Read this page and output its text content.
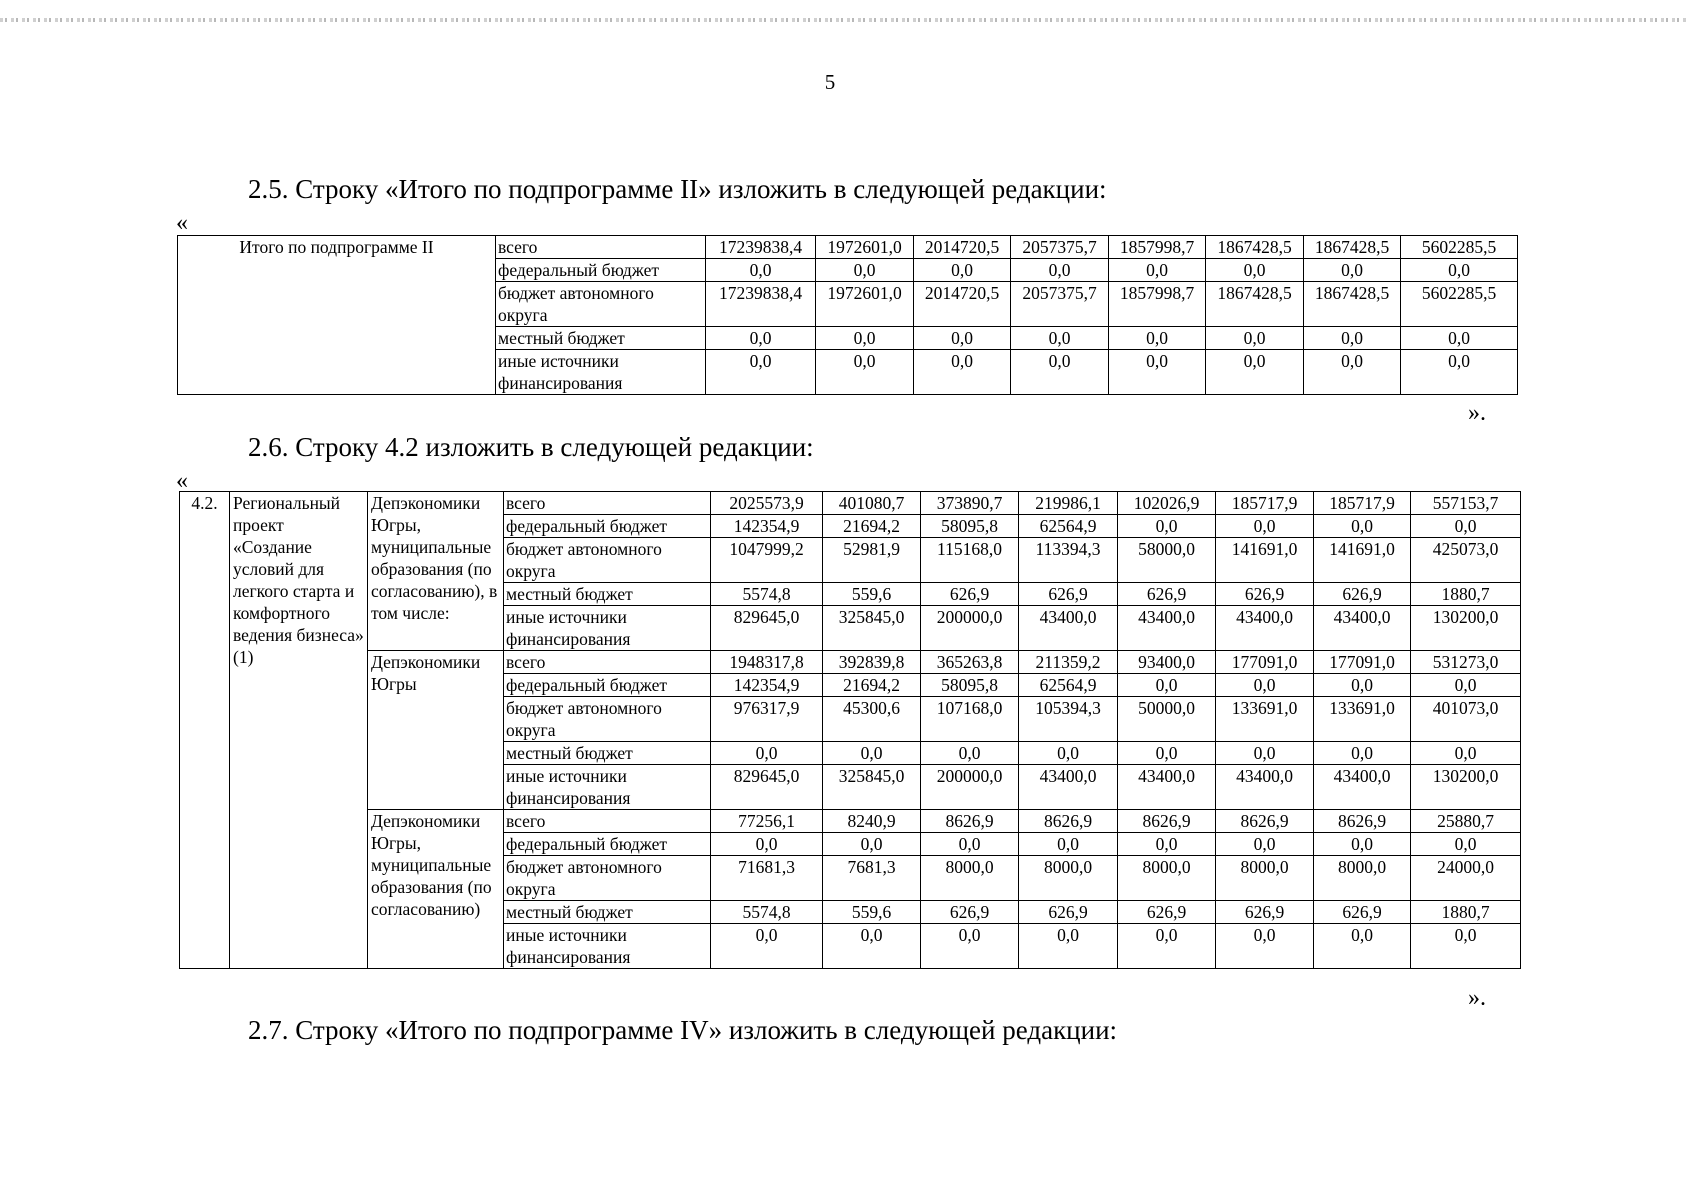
5
2.5. Строку «Итого по подпрограмме II» изложить в следующей редакции:
«
Итого по подпрограмме II	всего	17239838,4	1972601,0	2014720,5	2057375,7	1857998,7	1867428,5	1867428,5	5602285,5
	федеральный бюджет	0,0	0,0	0,0	0,0	0,0	0,0	0,0	0,0
	бюджет автономного округа	17239838,4	1972601,0	2014720,5	2057375,7	1857998,7	1867428,5	1867428,5	5602285,5
	местный бюджет	0,0	0,0	0,0	0,0	0,0	0,0	0,0	0,0
	иные источники финансирования	0,0	0,0	0,0	0,0	0,0	0,0	0,0	0,0
».
2.6. Строку 4.2 изложить в следующей редакции:
«
4.2.	Региональный проект «Создание условий для легкого старта и комфортного ведения бизнеса» (1)	Депэкономики Югры, муниципальные образования (по согласованию), в том числе:	всего	2025573,9	401080,7	373890,7	219986,1	102026,9	185717,9	185717,9	557153,7
			федеральный бюджет	142354,9	21694,2	58095,8	62564,9	0,0	0,0	0,0	0,0
			бюджет автономного округа	1047999,2	52981,9	115168,0	113394,3	58000,0	141691,0	141691,0	425073,0
			местный бюджет	5574,8	559,6	626,9	626,9	626,9	626,9	626,9	1880,7
			иные источники финансирования	829645,0	325845,0	200000,0	43400,0	43400,0	43400,0	43400,0	130200,0
		Депэкономики Югры	всего	1948317,8	392839,8	365263,8	211359,2	93400,0	177091,0	177091,0	531273,0
			федеральный бюджет	142354,9	21694,2	58095,8	62564,9	0,0	0,0	0,0	0,0
			бюджет автономного округа	976317,9	45300,6	107168,0	105394,3	50000,0	133691,0	133691,0	401073,0
			местный бюджет	0,0	0,0	0,0	0,0	0,0	0,0	0,0	0,0
			иные источники финансирования	829645,0	325845,0	200000,0	43400,0	43400,0	43400,0	43400,0	130200,0
		Депэкономики Югры, муниципальные образования (по согласованию)	всего	77256,1	8240,9	8626,9	8626,9	8626,9	8626,9	8626,9	25880,7
			федеральный бюджет	0,0	0,0	0,0	0,0	0,0	0,0	0,0	0,0
			бюджет автономного округа	71681,3	7681,3	8000,0	8000,0	8000,0	8000,0	8000,0	24000,0
			местный бюджет	5574,8	559,6	626,9	626,9	626,9	626,9	626,9	1880,7
			иные источники финансирования	0,0	0,0	0,0	0,0	0,0	0,0	0,0	0,0
».
2.7. Строку «Итого по подпрограмме IV» изложить в следующей редакции:
